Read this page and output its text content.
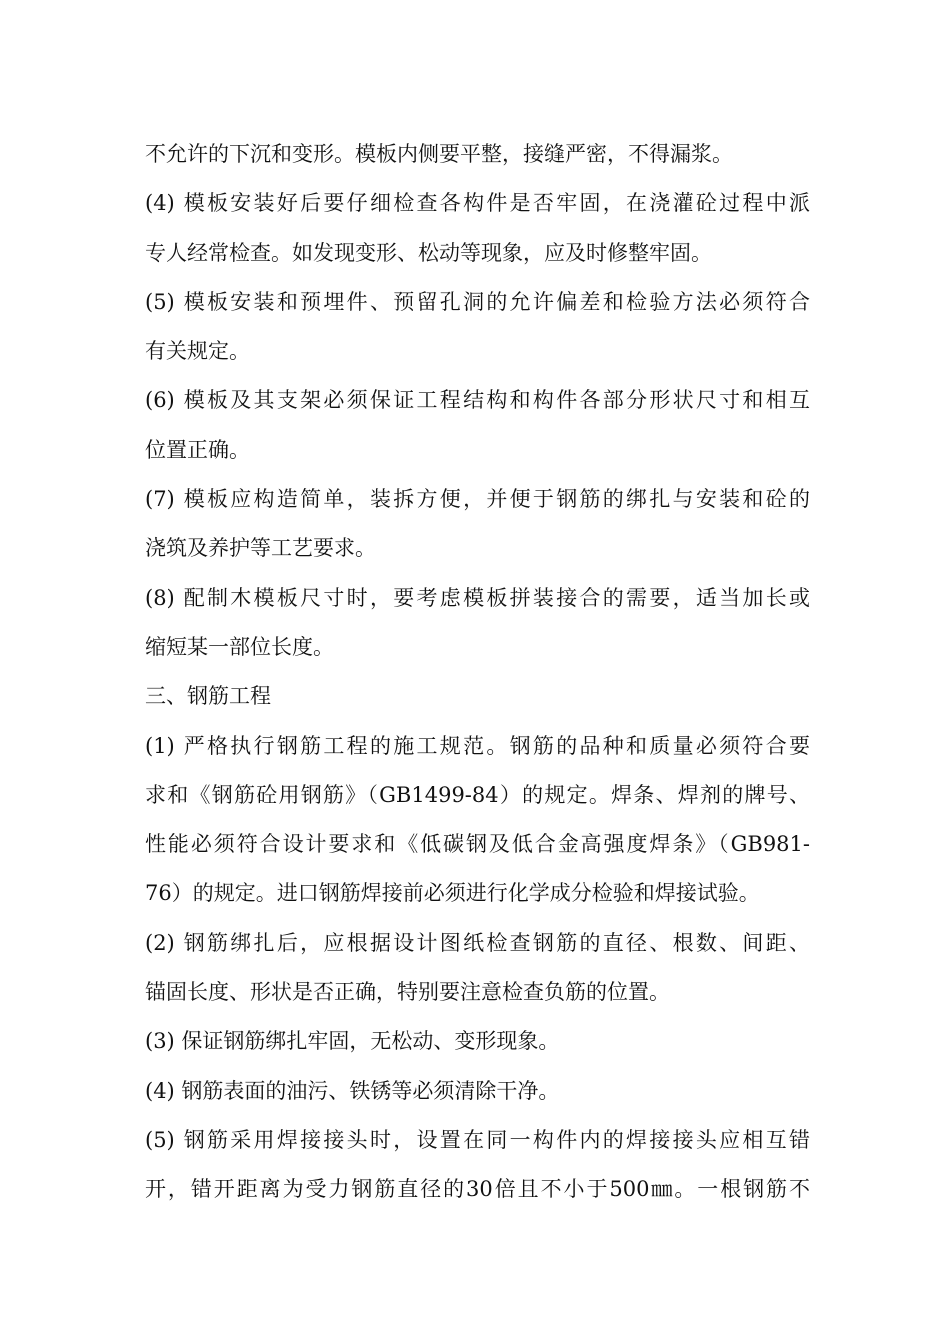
不允许的下沉和变形。模板内侧要平整，接缝严密，不得漏浆。
(4) 模板安装好后要仔细检查各构件是否牢固，在浇灌砼过程中派
专人经常检查。如发现变形、松动等现象，应及时修整牢固。
(5) 模板安装和预埋件、预留孔洞的允许偏差和检验方法必须符合
有关规定。
(6) 模板及其支架必须保证工程结构和构件各部分形状尺寸和相互
位置正确。
(7) 模板应构造简单，装拆方便，并便于钢筋的绑扎与安装和砼的
浇筑及养护等工艺要求。
(8) 配制木模板尺寸时，要考虑模板拼装接合的需要，适当加长或
缩短某一部位长度。
三、钢筋工程
(1) 严格执行钢筋工程的施工规范。钢筋的品种和质量必须符合要
求和《钢筋砼用钢筋》（GB1499-84）的规定。焊条、焊剂的牌号、
性能必须符合设计要求和《低碳钢及低合金高强度焊条》（GB981-
76）的规定。进口钢筋焊接前必须进行化学成分检验和焊接试验。
(2) 钢筋绑扎后，应根据设计图纸检查钢筋的直径、根数、间距、
锚固长度、形状是否正确，特别要注意检查负筋的位置。
(3) 保证钢筋绑扎牢固，无松动、变形现象。
(4) 钢筋表面的油污、铁锈等必须清除干净。
(5) 钢筋采用焊接接头时，设置在同一构件内的焊接接头应相互错
开，错开距离为受力钢筋直径的30倍且不小于500㎜。一根钢筋不
